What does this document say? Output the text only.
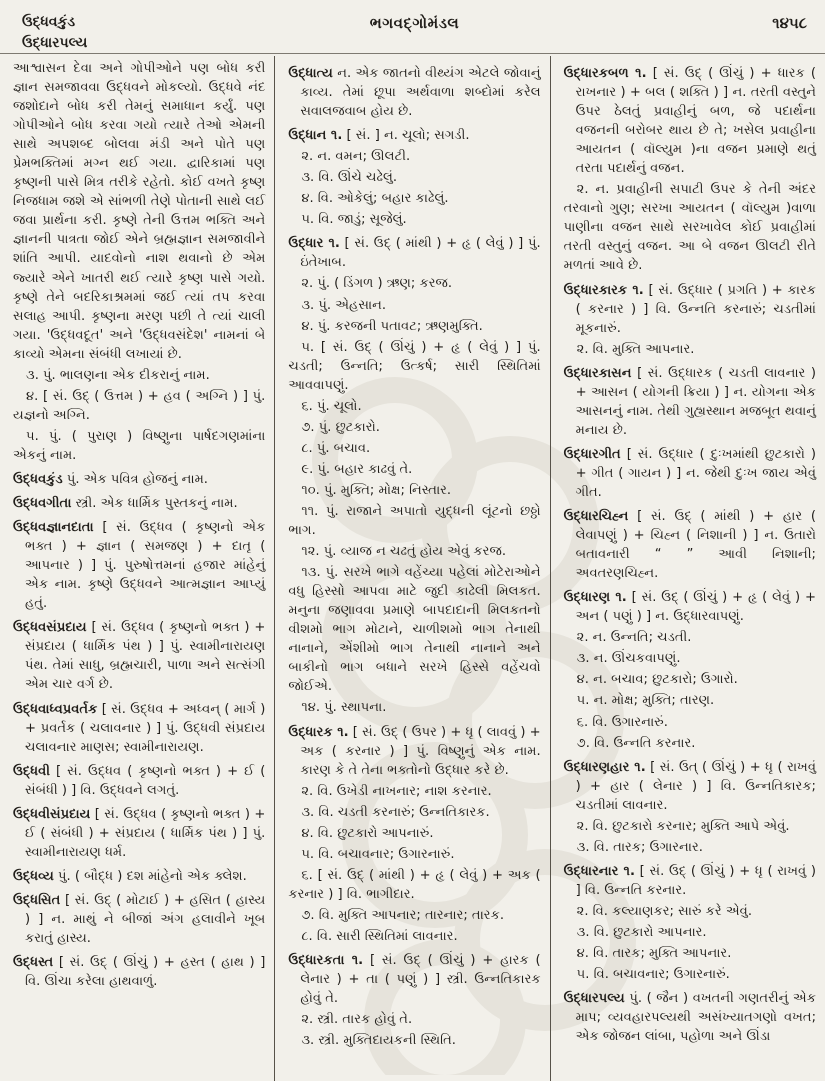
ઉદ્ધવકુંડ
ઉદ્ધારપલ્ય
ભગવદ્ગોમંડલ	૧૪૫૮
આશ્વાસન દેવા અને ગોપીઓને પણ બોધ કરી જ્ઞાન સમજાવવા ઉદ્ધવને મોકલ્યો. ઉદ્ધવે નંદ જશોદાને બોધ કરી તેમનું સમાધાન કર્યું. પણ ગોપીઓને બોધ કરવા ગયો ત્યારે તેઓ એમની સાથે અપશબ્દ બોલવા મંડી અને પોતે પણ પ્રેમભક્તિમાં મગ્ન થઈ ગયા. દ્વારિકામાં પણ કૃષ્ણની પાસે મિત્ર તરીકે રહેતો. કોઈ વખતે કૃષ્ણ નિજધામ જશે એ સાંભળી તેણે પોતાની સાથે લઈ જવા પ્રાર્થના કરી. કૃષ્ણે તેની ઉત્તમ ભક્તિ અને જ્ઞાનની પાત્રતા જોઈ એને બ્રહ્મજ્ઞાન સમજાવીને શાંતિ આપી. યાદવોનો નાશ થવાનો છે એમ જ્યારે એને ખાતરી થઈ ત્યારે કૃષ્ણ પાસે ગયો. કૃષ્ણે તેને બદરિકાશ્રમમાં જઈ ત્યાં તપ કરવા સલાહ આપી. કૃષ્ણના મરણ પછી તે ત્યાં ચાલી ગયા. 'ઉદ્ધવદૂત' અને 'ઉદ્ધવસંદેશ' નામનાં બે કાવ્યો એમના સંબંધી લખાયાં છે.
૩. પું. ભાલણના એક દીકરાનું નામ.
૪. [ સં. ઉદ્ ( ઉત્તમ ) + હવ ( અગ્નિ ) ] પું. યજ્ઞનો અગ્નિ.
૫. પું. ( પુરાણ ) વિષ્ણુના પાર્ષદગણમાંના એકનું નામ.
ઉદ્ધવકુંડ પું. એક પવિત્ર હોજનું નામ.
ઉદ્ધવગીતા સ્ત્રી. એક ધાર્મિક પુસ્તકનું નામ.
ઉદ્ધવજ્ઞાનદાતા [ સં. ઉદ્ધવ ( કૃષ્ણનો એક ભક્ત ) + જ્ઞાન ( સમજણ ) + દાતૃ ( આપનાર ) ] પું. પુરુષોત્તમનાં હજાર માંહેનું એક નામ. કૃષ્ણે ઉદ્ધવને આત્મજ્ઞાન આપ્યું હતું.
ઉદ્ધવસંપ્રદાય [ સં. ઉદ્ધવ ( કૃષ્ણનો ભક્ત ) + સંપ્રદાય ( ધાર્મિક પંથ ) ] પું. સ્વામીનારાયણ પંથ. તેમાં સાધુ, બ્રહ્મચારી, પાળા અને સત્સંગી એમ ચાર વર્ગ છે.
ઉદ્ધવાધ્વપ્રવર્તક [ સં. ઉદ્ધવ + અધ્વન્ ( માર્ગ ) + પ્રવર્તક ( ચલાવનાર ) ] પું. ઉદ્ધવી સંપ્રદાય ચલાવનાર માણસ; સ્વામીનારાયણ.
ઉદ્ધવી [ સં. ઉદ્ધવ ( કૃષ્ણનો ભક્ત ) + ઈ ( સંબંધી ) ] વિ. ઉદ્ધવને લગતું.
ઉદ્ધવીસંપ્રદાય [ સં. ઉદ્ધવ ( કૃષ્ણનો ભક્ત ) + ઈ ( સંબંધી ) + સંપ્રદાય ( ધાર્મિક પંથ ) ] પું. સ્વામીનારાયણ ધર્મ.
ઉદ્ધવ્ય પું. ( બૌદ્ધ ) દશ માંહેનો એક ક્લેશ.
ઉદ્ધસિત [ સં. ઉદ્ ( મોટાઈ ) + હસિત ( હાસ્ય ) ] ન. માથું ને બીજાં અંગ હલાવીને ખૂબ કરાતું હાસ્ય.
ઉદ્ધસ્ત [ સં. ઉદ્ ( ઊંચું ) + હસ્ત ( હાથ ) ] વિ. ઊંચા કરેલા હાથવાળું.
ઉદ્ધાત્ય ન. એક જાતનો વીથ્યંગ એટલે જોવાનું કાવ્ય. તેમાં છૂપા અર્થવાળા શબ્દોમાં કરેલ સવાલજવાબ હોય છે.
ઉદ્ધાન ૧. [ સં. ] ન. ચૂલો; સગડી.
૨. ન. વમન; ઊલટી.
૩. વિ. ઊંચે ચઢેલું.
૪. વિ. ઓકેલું; બહાર કાઢેલું.
૫. વિ. જાડું; સૂજેલું.
ઉદ્ધાર ૧. [ સં. ઉદ્ ( માંથી ) + હૃ ( લેવું ) ] પું. ઇંતેખાબ.
૨. પું. ( ડિંગળ ) ઋણ; કરજ.
૩. પું. એહસાન.
૪. પું. કરજની પતાવટ; ઋણમુક્તિ.
૫. [ સં. ઉદ્ ( ઊંચું ) + હૃ ( લેવું ) ] પું. ચડતી; ઉન્નતિ; ઉત્કર્ષ; સારી સ્થિતિમાં આવવાપણું.
૬. પું. ચૂલો.
૭. પું. છુટકારો.
૮. પું. બચાવ.
૯. પું. બહાર કાઢવું તે.
૧૦. પું. મુક્તિ; મોક્ષ; નિસ્તાર.
૧૧. પું. રાજાને અપાતો યુદ્ધની લૂંટનો છઠ્ઠો ભાગ.
૧૨. પું. વ્યાજ ન ચઢતું હોય એવું કરજ.
૧૩. પું. સરખે ભાગે વહેંચ્યા પહેલાં મોટેરાઓને વધુ હિસ્સો આપવા માટે જુદી કાઢેલી મિલકત. મનુના જણાવવા પ્રમાણે બાપદાદાની મિલકતનો વીશમો ભાગ મોટાને, ચાળીશમો ભાગ તેનાથી નાનાને, એંશીમો ભાગ તેનાથી નાનાને અને બાકીનો ભાગ બધાને સરખે હિસ્સે વહેંચવો જોઈએ.
૧૪. પું. સ્થાપના.
ઉદ્ધારક ૧. [ સં. ઉદ્ ( ઉપર ) + ધૃ ( લાવવું ) + અક ( કરનાર ) ] પું. વિષ્ણુનું એક નામ. કારણ કે તે તેના ભક્તોનો ઉદ્ધાર કરે છે.
૨. વિ. ઉખેડી નાખનાર; નાશ કરનાર.
૩. વિ. ચડતી કરનારું; ઉન્નતિકારક.
૪. વિ. છુટકારો આપનારું.
૫. વિ. બચાવનાર; ઉગારનારું.
૬. [ સં. ઉદ્ ( માંથી ) + હૃ ( લેવું ) + અક ( કરનાર ) ] વિ. ભાગીદાર.
૭. વિ. મુક્તિ આપનાર; તારનાર; તારક.
૮. વિ. સારી સ્થિતિમાં લાવનાર.
ઉદ્ધારકતા ૧. [ સં. ઉદ્ ( ઊંચું ) + હારક ( લેનાર ) + તા ( પણું ) ] સ્ત્રી. ઉન્નતિકારક હોવું તે.
૨. સ્ત્રી. તારક હોવું તે.
૩. સ્ત્રી. મુક્તિદાયકની સ્થિતિ.
ઉદ્ધારકબળ ૧. [ સં. ઉદ્ ( ઊંચું ) + ધારક ( રાખનાર ) + બલ ( શક્તિ ) ] ન. તરતી વસ્તુને ઉપર ઠેલતું પ્રવાહીનું બળ, જે પદાર્થના વજનની બરોબર થાય છે તે; ખસેલ પ્રવાહીના આયતન ( વૉલ્યુમ )ના વજન પ્રમાણે થતું તરતા પદાર્થનું વજન.
૨. ન. પ્રવાહીની સપાટી ઉપર કે તેની અંદર તરવાનો ગુણ; સરખા આયતન ( વૉલ્યુમ )વાળા પાણીના વજન સાથે સરખાવેલ કોઈ પ્રવાહીમાં તરતી વસ્તુનું વજન. આ બે વજન ઊલટી રીતે મળતાં આવે છે.
ઉદ્ધારકારક ૧. [ સં. ઉદ્ધાર ( પ્રગતિ ) + કારક ( કરનાર ) ] વિ. ઉન્નતિ કરનારું; ચડતીમાં મૂકનારું.
૨. વિ. મુક્તિ આપનાર.
ઉદ્ધારકાસન [ સં. ઉદ્ધારક ( ચડતી લાવનાર ) + આસન ( યોગની ક્રિયા ) ] ન. યોગના એક આસનનું નામ. તેથી ગુહ્યસ્થાન મજબૂત થવાનું મનાય છે.
ઉદ્ધારગીત [ સં. ઉદ્ધાર ( દુઃખમાંથી છુટકારો ) + ગીત ( ગાયન ) ] ન. જેથી દુઃખ જાય એવું ગીત.
ઉદ્ધારચિહ્ન [ સં. ઉદ્ ( માંથી ) + હાર ( લેવાપણું ) + ચિહ્ન ( નિશાની ) ] ન. ઉતારો બતાવનારી “ ” આવી નિશાની; અવતરણચિહ્ન.
ઉદ્ધારણ ૧. [ સં. ઉદ્ ( ઊંચું ) + હૃ ( લેવું ) + અન ( પણું ) ] ન. ઉદ્ધારવાપણું.
૨. ન. ઉન્નતિ; ચડતી.
૩. ન. ઊંચકવાપણું.
૪. ન. બચાવ; છુટકારો; ઉગારો.
૫. ન. મોક્ષ; મુક્તિ; તારણ.
૬. વિ. ઉગારનારું.
૭. વિ. ઉન્નતિ કરનાર.
ઉદ્ધારણહાર ૧. [ સં. ઉત્ ( ઊંચું ) + ધૃ ( રાખવું ) + હાર ( લેનાર ) ] વિ. ઉન્નતિકારક; ચડતીમાં લાવનાર.
૨. વિ. છુટકારો કરનાર; મુક્તિ આપે એવું.
૩. વિ. તારક; ઉગારનાર.
ઉદ્ધારનાર ૧. [ સં. ઉદ્ ( ઊંચું ) + ધૃ ( રાખવું ) ] વિ. ઉન્નતિ કરનાર.
૨. વિ. કલ્યાણકર; સારું કરે એવું.
૩. વિ. છુટકારો આપનાર.
૪. વિ. તારક; મુક્તિ આપનાર.
૫. વિ. બચાવનાર; ઉગારનારું.
ઉદ્ધારપલ્ય પું. ( જૈન ) વખતની ગણતરીનું એક માપ; વ્યવહારપલ્યથી અસંખ્યાતગણો વખત; એક જોજન લાંબા, પહોળા અને ઊંડા
